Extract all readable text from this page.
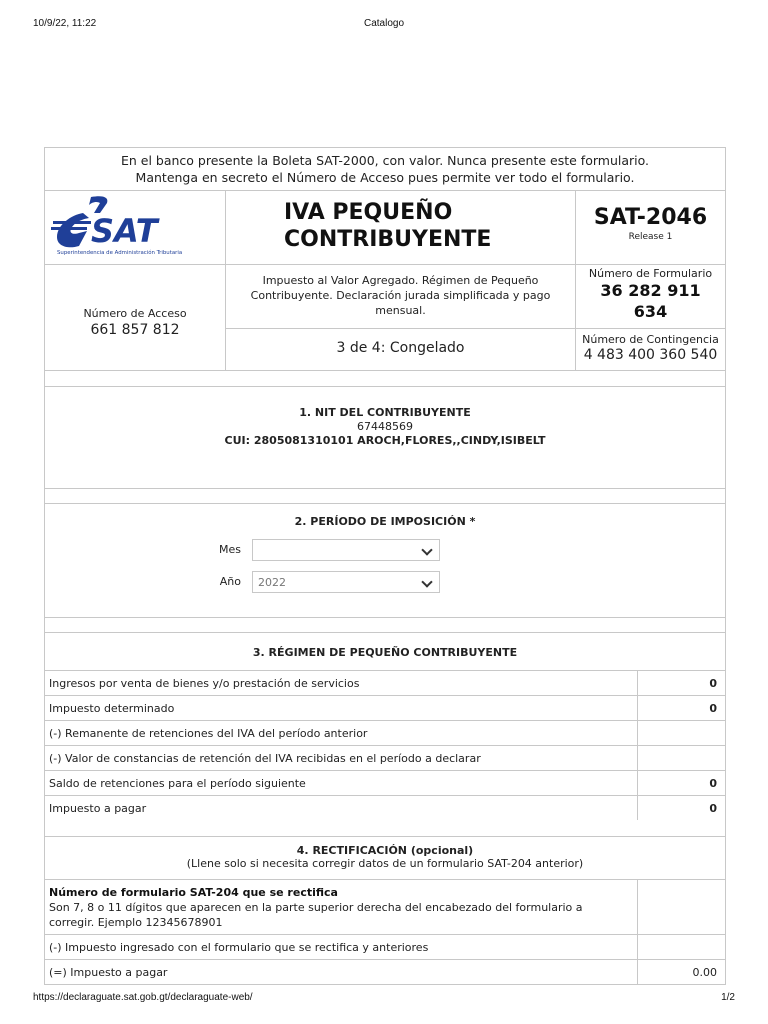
10/9/22, 11:22	Catalogo
En el banco presente la Boleta SAT-2000, con valor. Nunca presente este formulario.
Mantenga en secreto el Número de Acceso pues permite ver todo el formulario.
SAT
Superintendencia de Administración Tributaria
IVA PEQUEÑO
CONTRIBUYENTE
SAT-2046
Release 1
Número de Acceso
661 857 812
Impuesto al Valor Agregado. Régimen de Pequeño Contribuyente. Declaración jurada simplificada y pago mensual.
3 de 4: Congelado
Número de Formulario
36 282 911 634
Número de Contingencia
4 483 400 360 540
1. NIT DEL CONTRIBUYENTE
67448569
CUI: 2805081310101 AROCH,FLORES,,CINDY,ISIBELT
2. PERÍODO DE IMPOSICIÓN *
Mes
Año	2022
3. RÉGIMEN DE PEQUEÑO CONTRIBUYENTE
Ingresos por venta de bienes y/o prestación de servicios	0
Impuesto determinado	0
(-) Remanente de retenciones del IVA del período anterior
(-) Valor de constancias de retención del IVA recibidas en el período a declarar
Saldo de retenciones para el período siguiente	0
Impuesto a pagar	0
4. RECTIFICACIÓN (opcional)
(Llene solo si necesita corregir datos de un formulario SAT-204 anterior)
Número de formulario SAT-204 que se rectifica
Son 7, 8 o 11 dígitos que aparecen en la parte superior derecha del encabezado del formulario a corregir. Ejemplo 12345678901
(-) Impuesto ingresado con el formulario que se rectifica y anteriores
(=) Impuesto a pagar	0.00
https://declaraguate.sat.gob.gt/declaraguate-web/	1/2
